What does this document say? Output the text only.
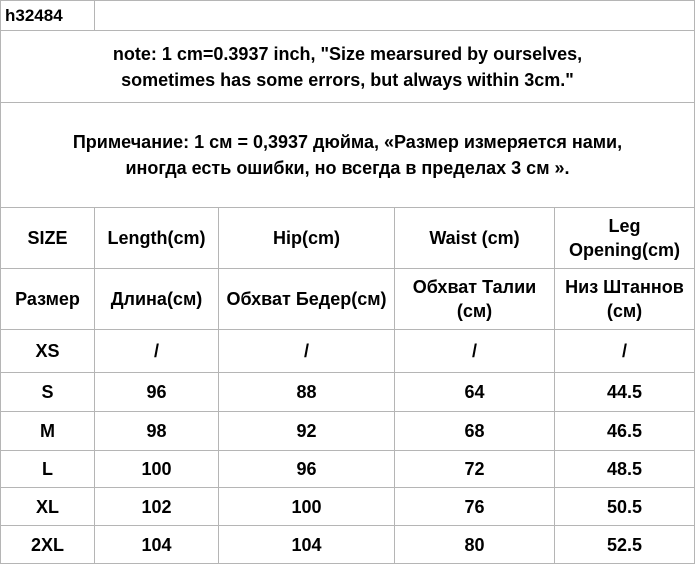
h32484				

note: 1 cm=0.3937 inch, "Size mearsured by ourselves,
sometimes has some errors, but always within 3cm."				

Примечание: 1 см = 0,3937 дюйма, «Размер измеряется нами,
иногда есть ошибки, но всегда в пределах 3 см ».				

SIZE	Length(cm)	Hip(cm)	Waist (cm)	Leg Opening(cm)
Размер	Длина(см)	Обхват Бедер(см)	Обхват Талии (см)	Низ Штаннов (см)
XS	/	/	/	/
S	96	88	64	44.5
M	98	92	68	46.5
L	100	96	72	48.5
XL	102	100	76	50.5
2XL	104	104	80	52.5
